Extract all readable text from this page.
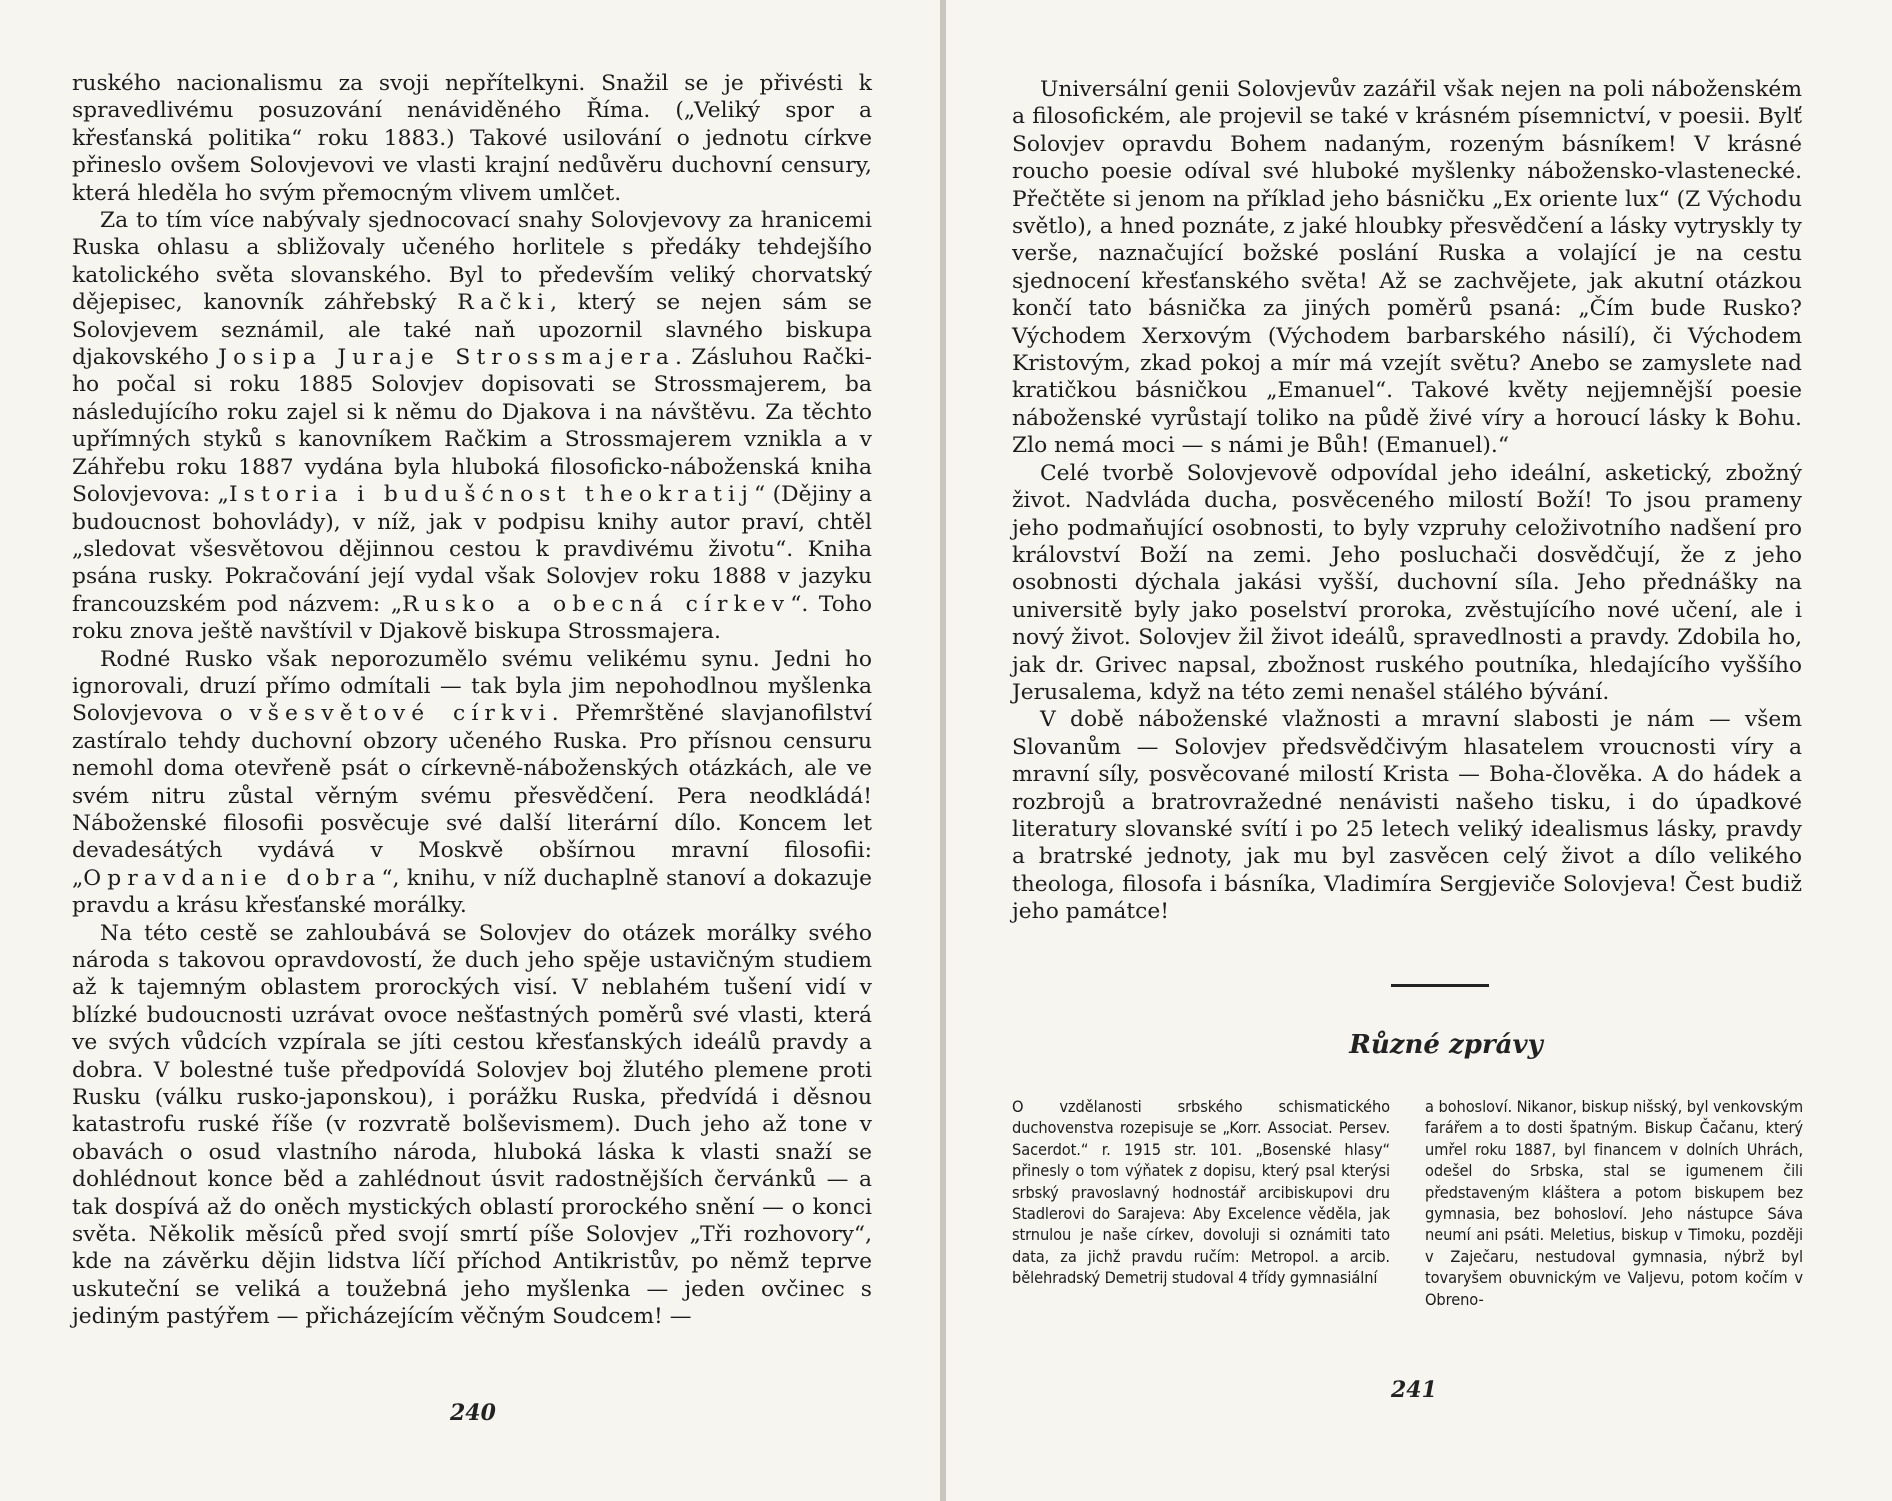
ruského nacionalismu za svoji nepřítelkyni. Snažil se je přivésti k spravedlivému posuzování nenáviděného Říma. („Veliký spor a křesťanská politika“ roku 1883.) Takové usilování o jednotu církve přineslo ovšem Solovjevovi ve vlasti krajní nedůvěru duchovní censury, která hleděla ho svým přemocným vlivem umlčet.

Za to tím více nabývaly sjednocovací snahy Solovjevovy za hranicemi Ruska ohlasu a sbližovaly učeného horlitele s předáky tehdejšího katolického světa slovanského. Byl to především veliký chorvatský dějepisec, kanovník záhřebský Rački, který se nejen sám se Solovjevem seznámil, ale také naň upozornil slavného biskupa djakovského Josipa Juraje Strossmajera. Zásluhou Rački-ho počal si roku 1885 Solovjev dopisovati se Strossmajerem, ba následujícího roku zajel si k němu do Djakova i na návštěvu. Za těchto upřímných styků s kanovníkem Račkim a Strossmajerem vznikla a v Záhřebu roku 1887 vydána byla hluboká filosoficko-náboženská kniha Solovjevova: „Istoria i budušćnost theokratij“ (Dějiny a budoucnost bohovlády), v níž, jak v podpisu knihy autor praví, chtěl „sledovat všesvětovou dějinnou cestou k pravdivému životu“. Kniha psána rusky. Pokračování její vydal však Solovjev roku 1888 v jazyku francouzském pod názvem: „Rusko a obecná církev“. Toho roku znova ještě navštívil v Djakově biskupa Strossmajera.

Rodné Rusko však neporozumělo svému velikému synu. Jedni ho ignorovali, druzí přímo odmítali — tak byla jim nepohodlnou myšlenka Solovjevova o všesvětové církvi. Přemrštěné slavjanofilství zastíralo tehdy duchovní obzory učeného Ruska. Pro přísnou censuru nemohl doma otevřeně psát o církevně-náboženských otázkách, ale ve svém nitru zůstal věrným svému přesvědčení. Pera neodkládá! Náboženské filosofii posvěcuje své další literární dílo. Koncem let devadesátých vydává v Moskvě obšírnou mravní filosofii: „Opravdanie dobra“, knihu, v níž duchaplně stanoví a dokazuje pravdu a krásu křesťanské morálky.

Na této cestě se zahloubává se Solovjev do otázek morálky svého národa s takovou opravdovostí, že duch jeho spěje ustavičným studiem až k tajemným oblastem prorockých visí. V neblahém tušení vidí v blízké budoucnosti uzrávat ovoce nešťastných poměrů své vlasti, která ve svých vůdcích vzpírala se jíti cestou křesťanských ideálů pravdy a dobra. V bolestné tuše předpovídá Solovjev boj žlutého plemene proti Rusku (válku rusko-japonskou), i porážku Ruska, předvídá i děsnou katastrofu ruské říše (v rozvratě bolševismem). Duch jeho až tone v obavách o osud vlastního národa, hluboká láska k vlasti snaží se dohlédnout konce běd a zahlédnout úsvit radostnějších červánků — a tak dospívá až do oněch mystických oblastí prorockého snění — o konci světa. Několik měsíců před svojí smrtí píše Solovjev „Tři rozhovory“, kde na závěrku dějin lidstva líčí příchod Antikristův, po němž teprve uskuteční se veliká a toužebná jeho myšlenka — jeden ovčinec s jediným pastýřem — přicházejícím věčným Soudcem! —

240

Universální genii Solovjevův zazářil však nejen na poli náboženském a filosofickém, ale projevil se také v krásném písemnictví, v poesii. Bylť Solovjev opravdu Bohem nadaným, rozeným básníkem! V krásné roucho poesie odíval své hluboké myšlenky nábožensko-vlastenecké. Přečtěte si jenom na příklad jeho básničku „Ex oriente lux“ (Z Východu světlo), a hned poznáte, z jaké hloubky přesvědčení a lásky vytryskly ty verše, naznačující božské poslání Ruska a volající je na cestu sjednocení křesťanského světa! Až se zachvějete, jak akutní otázkou končí tato básnička za jiných poměrů psaná: „Čím bude Rusko? Východem Xerxovým (Východem barbarského násilí), či Východem Kristovým, zkad pokoj a mír má vzejít světu? Anebo se zamyslete nad kratičkou básničkou „Emanuel“. Takové květy nejjemnější poesie náboženské vyrůstají toliko na půdě živé víry a horoucí lásky k Bohu. Zlo nemá moci — s námi je Bůh! (Emanuel).“

Celé tvorbě Solovjevově odpovídal jeho ideální, asketický, zbožný život. Nadvláda ducha, posvěceného milostí Boží! To jsou prameny jeho podmaňující osobnosti, to byly vzpruhy celoživotního nadšení pro království Boží na zemi. Jeho posluchači dosvědčují, že z jeho osobnosti dýchala jakási vyšší, duchovní síla. Jeho přednášky na universitě byly jako poselství proroka, zvěstujícího nové učení, ale i nový život. Solovjev žil život ideálů, spravedlnosti a pravdy. Zdobila ho, jak dr. Grivec napsal, zbožnost ruského poutníka, hledajícího vyššího Jerusalema, když na této zemi nenašel stálého bývání.

V době náboženské vlažnosti a mravní slabosti je nám — všem Slovanům — Solovjev předsvědčivým hlasatelem vroucnosti víry a mravní síly, posvěcované milostí Krista — Boha-člověka. A do hádek a rozbrojů a bratrovražedné nenávisti našeho tisku, i do úpadkové literatury slovanské svítí i po 25 letech veliký idealismus lásky, pravdy a bratrské jednoty, jak mu byl zasvěcen celý život a dílo velikého theologa, filosofa i básníka, Vladimíra Sergjeviče Solovjeva! Čest budiž jeho památce!

Různé zprávy
O vzdělanosti srbského schismatického duchovenstva rozepisuje se „Korr. Associat. Persev. Sacerdot.“ r. 1915 str. 101. „Bosenské hlasy“ přinesly o tom výňatek z dopisu, který psal kterýsi srbský pravoslavný hodnostář arcibiskupovi dru Stadlerovi do Sarajeva: Aby Excelence věděla, jak strnulou je naše církev, dovoluji si oznámiti tato data, za jichž pravdu ručím: Metropol. a arcib. bělehradský Demetrij studoval 4 třídy gymnasiální
a bohosloví. Nikanor, biskup nišský, byl venkovským farářem a to dosti špatným. Biskup Čačanu, který umřel roku 1887, byl financem v dolních Uhrách, odešel do Srbska, stal se igumenem čili představeným kláštera a potom biskupem bez gymnasia, bez bohosloví. Jeho nástupce Sáva neumí ani psáti. Meletius, biskup v Timoku, později v Zaječaru, nestudoval gymnasia, nýbrž byl tovaryšem obuvnickým ve Valjevu, potom kočím v Obreno-
241
